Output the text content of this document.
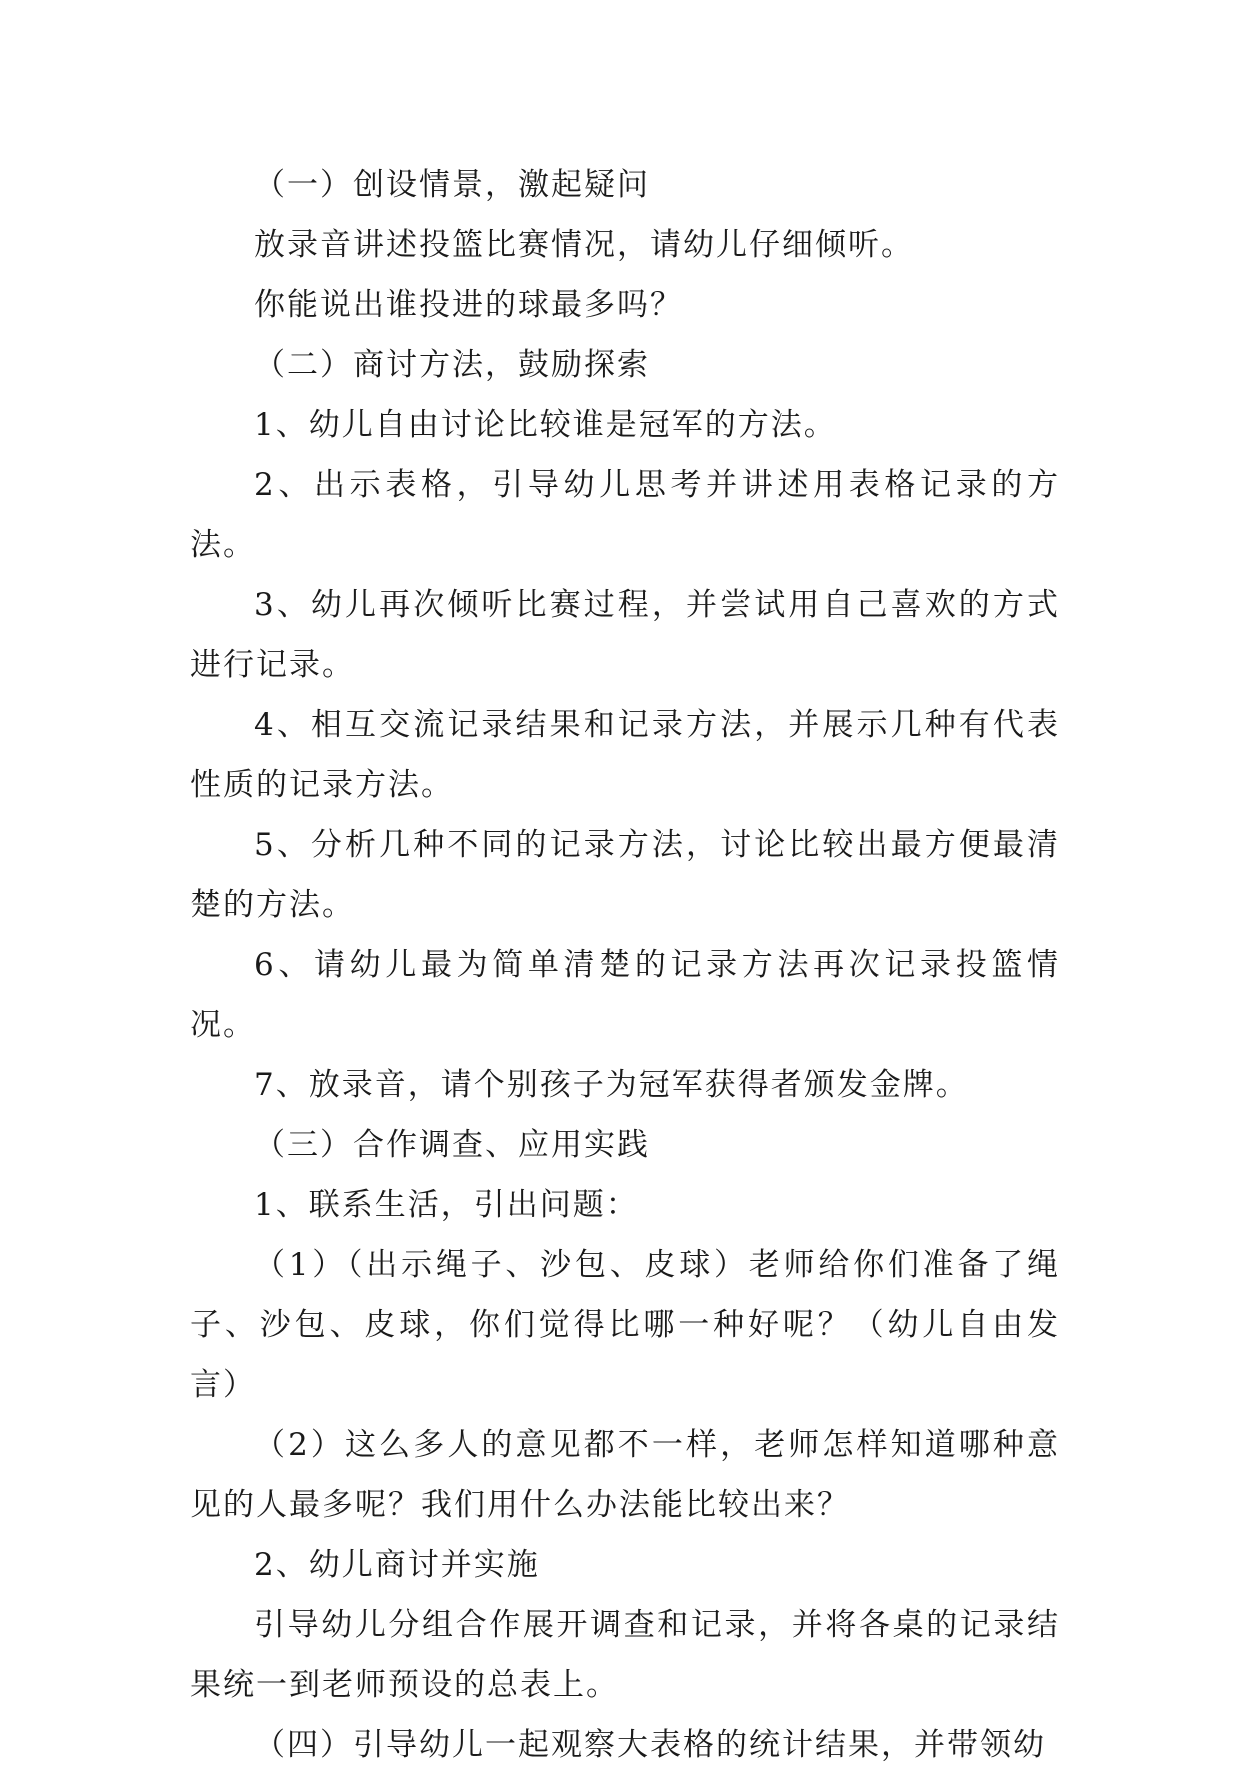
（一）创设情景，激起疑问

放录音讲述投篮比赛情况，请幼儿仔细倾听。

你能说出谁投进的球最多吗？

（二）商讨方法，鼓励探索

1、幼儿自由讨论比较谁是冠军的方法。

2、出示表格，引导幼儿思考并讲述用表格记录的方法。

3、幼儿再次倾听比赛过程，并尝试用自己喜欢的方式进行记录。

4、相互交流记录结果和记录方法，并展示几种有代表性质的记录方法。

5、分析几种不同的记录方法，讨论比较出最方便最清楚的方法。

6、请幼儿最为简单清楚的记录方法再次记录投篮情况。

7、放录音，请个别孩子为冠军获得者颁发金牌。

（三）合作调查、应用实践

1、联系生活，引出问题：

（1）（出示绳子、沙包、皮球）老师给你们准备了绳子、沙包、皮球，你们觉得比哪一种好呢？（幼儿自由发言）

（2）这么多人的意见都不一样，老师怎样知道哪种意见的人最多呢？我们用什么办法能比较出来？

2、幼儿商讨并实施

引导幼儿分组合作展开调查和记录，并将各桌的记录结果统一到老师预设的总表上。

（四）引导幼儿一起观察大表格的统计结果，并带领幼
